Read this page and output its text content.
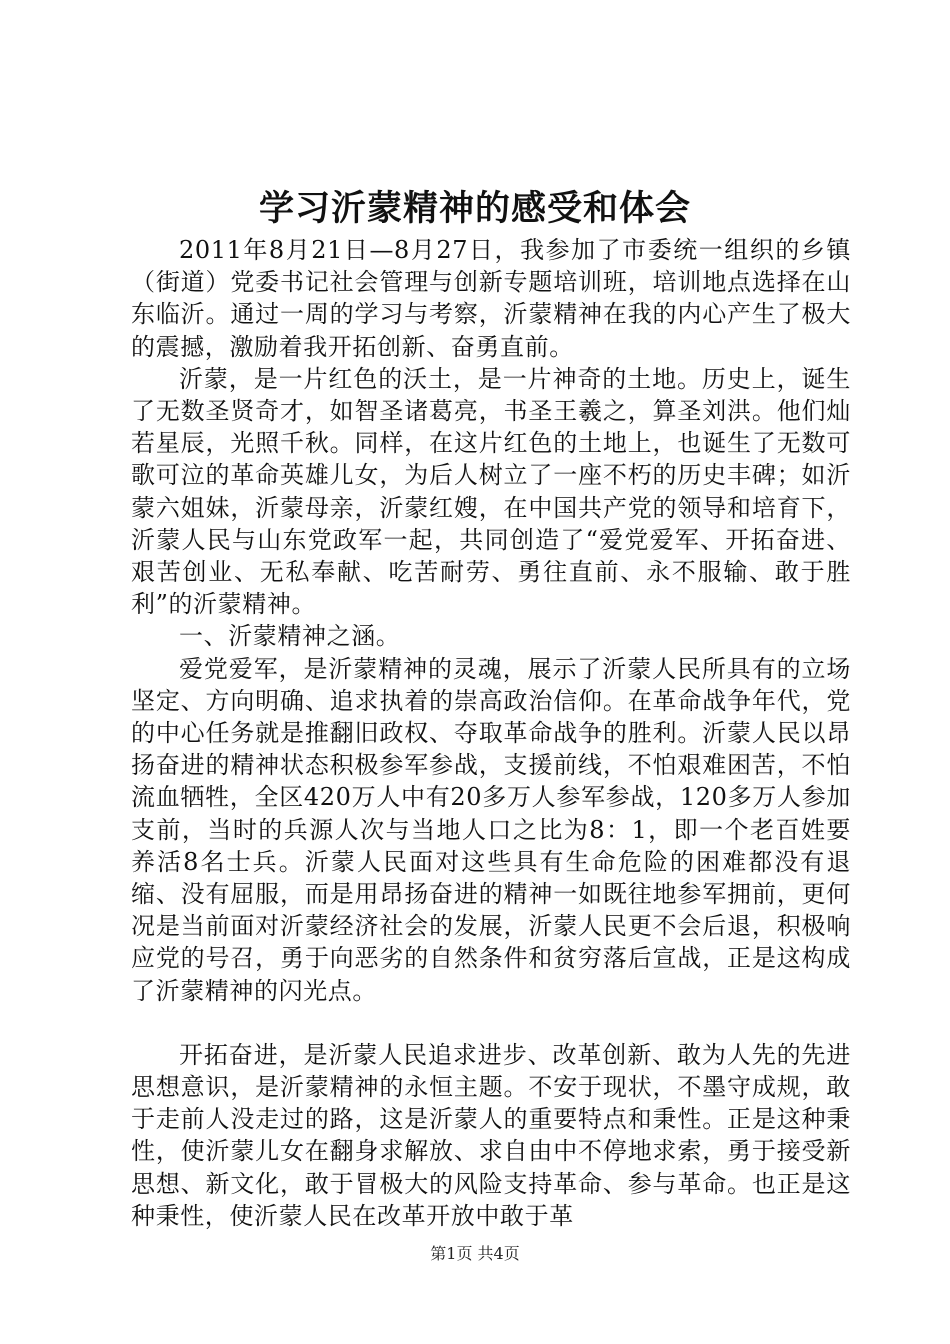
学习沂蒙精神的感受和体会

2011年8月21日—8月27日，我参加了市委统一组织的乡镇（街道）党委书记社会管理与创新专题培训班，培训地点选择在山东临沂。通过一周的学习与考察，沂蒙精神在我的内心产生了极大的震撼，激励着我开拓创新、奋勇直前。

沂蒙，是一片红色的沃土，是一片神奇的土地。历史上，诞生了无数圣贤奇才，如智圣诸葛亮，书圣王羲之，算圣刘洪。他们灿若星辰，光照千秋。同样，在这片红色的土地上，也诞生了无数可歌可泣的革命英雄儿女，为后人树立了一座不朽的历史丰碑；如沂蒙六姐妹，沂蒙母亲，沂蒙红嫂，在中国共产党的领导和培育下，沂蒙人民与山东党政军一起，共同创造了“爱党爱军、开拓奋进、艰苦创业、无私奉献、吃苦耐劳、勇往直前、永不服输、敢于胜利”的沂蒙精神。

一、沂蒙精神之涵。

爱党爱军，是沂蒙精神的灵魂，展示了沂蒙人民所具有的立场坚定、方向明确、追求执着的崇高政治信仰。在革命战争年代，党的中心任务就是推翻旧政权、夺取革命战争的胜利。沂蒙人民以昂扬奋进的精神状态积极参军参战，支援前线，不怕艰难困苦，不怕流血牺牲，全区420万人中有20多万人参军参战，120多万人参加支前，当时的兵源人次与当地人口之比为8：1，即一个老百姓要养活8名士兵。沂蒙人民面对这些具有生命危险的困难都没有退缩、没有屈服，而是用昂扬奋进的精神一如既往地参军拥前，更何况是当前面对沂蒙经济社会的发展，沂蒙人民更不会后退，积极响应党的号召，勇于向恶劣的自然条件和贫穷落后宣战，正是这构成了沂蒙精神的闪光点。

开拓奋进，是沂蒙人民追求进步、改革创新、敢为人先的先进思想意识，是沂蒙精神的永恒主题。不安于现状，不墨守成规，敢于走前人没走过的路，这是沂蒙人的重要特点和秉性。正是这种秉性，使沂蒙儿女在翻身求解放、求自由中不停地求索，勇于接受新思想、新文化，敢于冒极大的风险支持革命、参与革命。也正是这种秉性，使沂蒙人民在改革开放中敢于革

第1页 共4页
